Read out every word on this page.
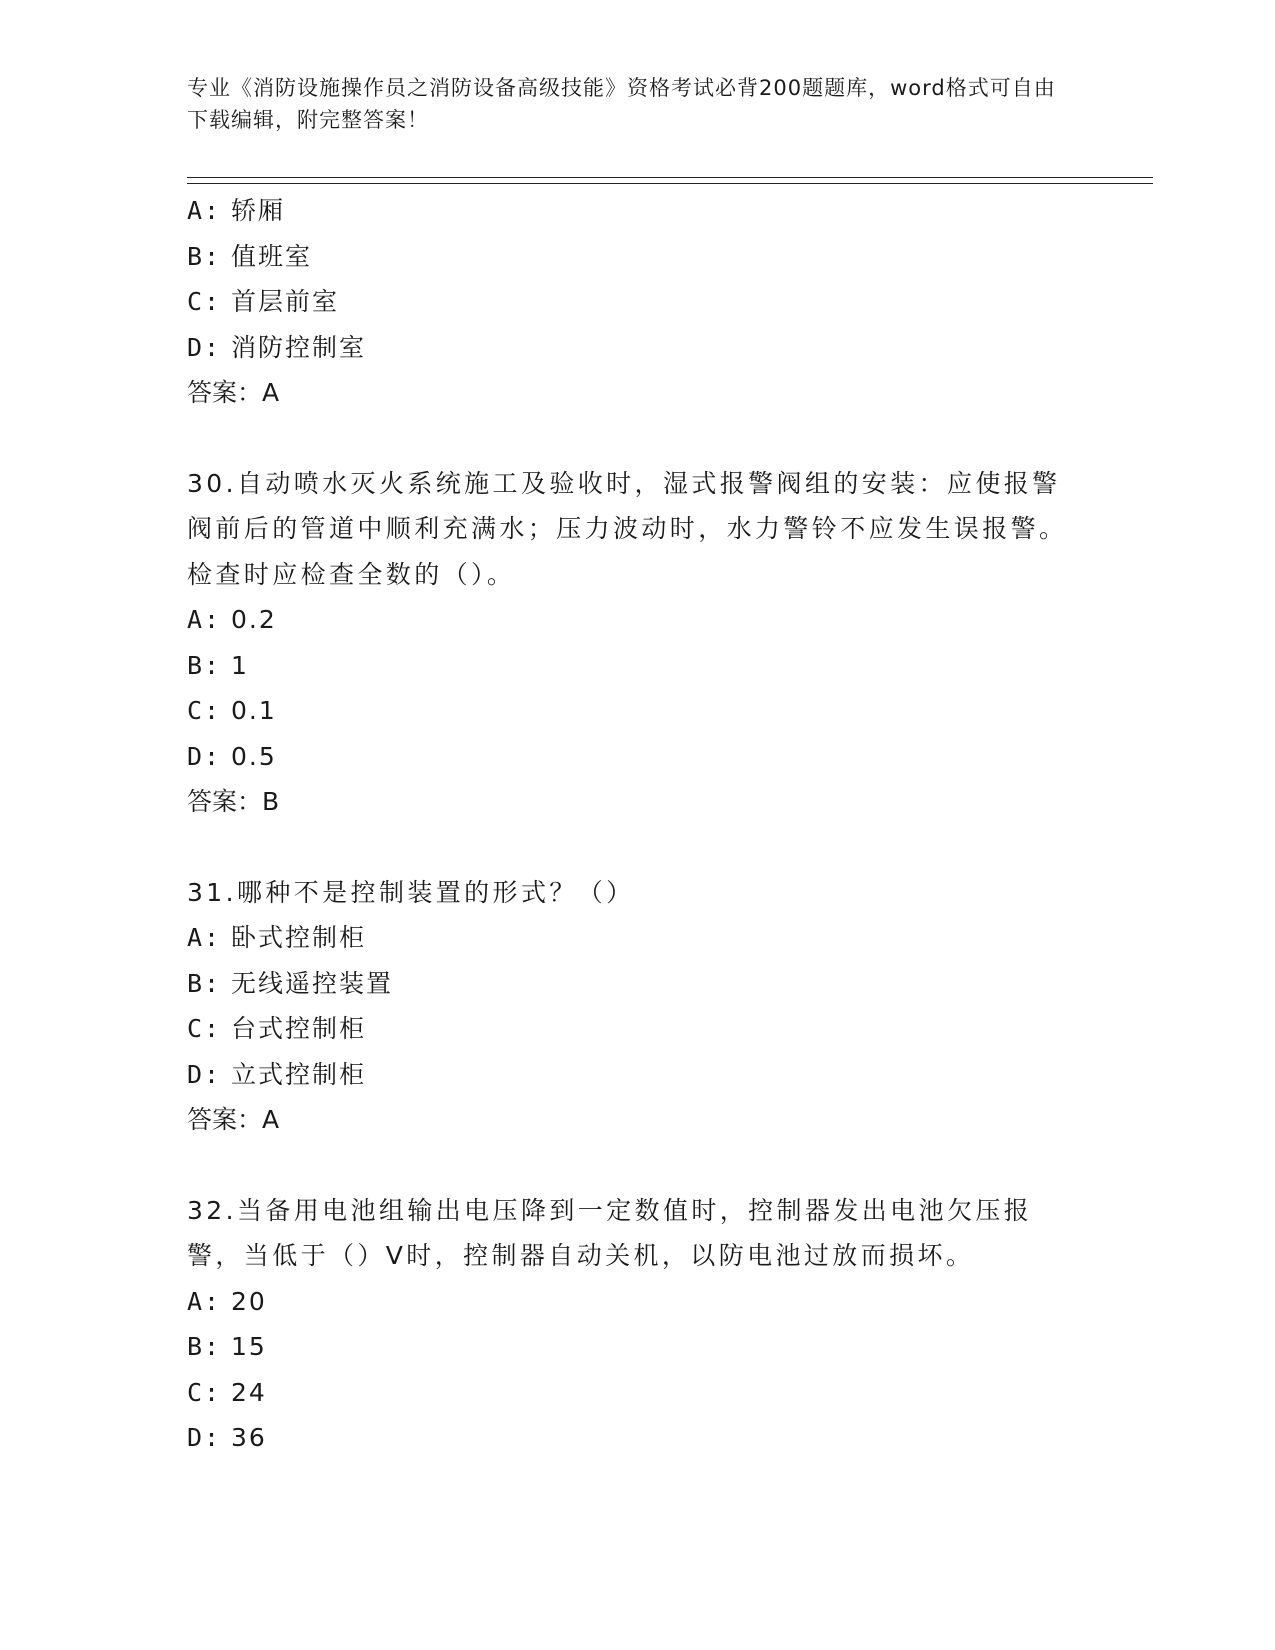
专业《消防设施操作员之消防设备高级技能》资格考试必背200题题库，word格式可自由下载编辑，附完整答案！
A: 轿厢
B: 值班室
C: 首层前室
D: 消防控制室
答案：A
30.自动喷水灭火系统施工及验收时，湿式报警阀组的安装：应使报警阀前后的管道中顺利充满水；压力波动时，水力警铃不应发生误报警。检查时应检查全数的（）。
A: 0.2
B: 1
C: 0.1
D: 0.5
答案：B
31.哪种不是控制装置的形式？（）
A: 卧式控制柜
B: 无线遥控装置
C: 台式控制柜
D: 立式控制柜
答案：A
32.当备用电池组输出电压降到一定数值时，控制器发出电池欠压报警，当低于（）V时，控制器自动关机，以防电池过放而损坏。
A: 20
B: 15
C: 24
D: 36
